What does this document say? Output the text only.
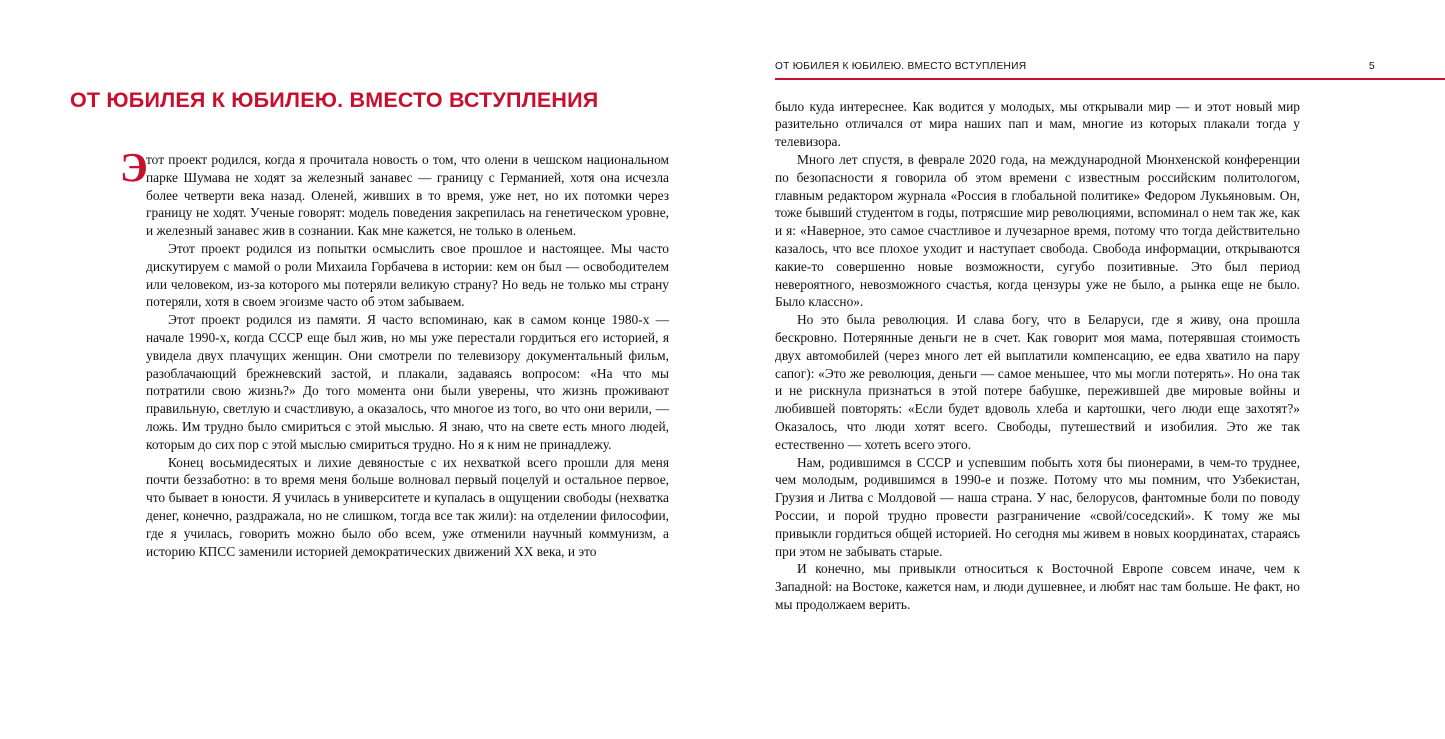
ОТ ЮБИЛЕЯ К ЮБИЛЕЮ. ВМЕСТО ВСТУПЛЕНИЯ
Э

тот проект родился, когда я прочитала новость о том, что олени в чешском национальном парке Шумава не ходят за железный занавес — границу с Германией, хотя она исчезла более четверти века назад. Оленей, живших в то время, уже нет, но их потомки через границу не ходят. Ученые говорят: модель поведения закрепилась на генетическом уровне, и железный занавес жив в сознании. Как мне кажется, не только в оленьем.

Этот проект родился из попытки осмыслить свое прошлое и настоящее. Мы часто дискутируем с мамой о роли Михаила Горбачева в истории: кем он был — освободителем или человеком, из-за которого мы потеряли великую страну? Но ведь не только мы страну потеряли, хотя в своем эгоизме часто об этом забываем.

Этот проект родился из памяти. Я часто вспоминаю, как в самом конце 1980-х — начале 1990-х, когда СССР еще был жив, но мы уже перестали гордиться его историей, я увидела двух плачущих женщин. Они смотрели по телевизору документальный фильм, разоблачающий брежневский застой, и плакали, задаваясь вопросом: «На что мы потратили свою жизнь?» До того момента они были уверены, что жизнь проживают правильную, светлую и счастливую, а оказалось, что многое из того, во что они верили, — ложь. Им трудно было смириться с этой мыслью. Я знаю, что на свете есть много людей, которым до сих пор с этой мыслью смириться трудно. Но я к ним не принадлежу.

Конец восьмидесятых и лихие девяностые с их нехваткой всего прошли для меня почти беззаботно: в то время меня больше волновал первый поцелуй и остальное первое, что бывает в юности. Я училась в университете и купалась в ощущении свободы (нехватка денег, конечно, раздражала, но не слишком, тогда все так жили): на отделении философии, где я училась, говорить можно было обо всем, уже отменили научный коммунизм, а историю КПСС заменили историей демократических движений ХХ века, и это

ОТ ЮБИЛЕЯ К ЮБИЛЕЮ. ВМЕСТО ВСТУПЛЕНИЯ	5

было куда интереснее. Как водится у молодых, мы открывали мир — и этот новый мир разительно отличался от мира наших пап и мам, многие из которых плакали тогда у телевизора.

Много лет спустя, в феврале 2020 года, на международной Мюнхенской конференции по безопасности я говорила об этом времени с известным российским политологом, главным редактором журнала «Россия в глобальной политике» Федором Лукьяновым. Он, тоже бывший студентом в годы, потрясшие мир революциями, вспоминал о нем так же, как и я: «Наверное, это самое счастливое и лучезарное время, потому что тогда действительно казалось, что все плохое уходит и наступает свобода. Свобода информации, открываются какие-то совершенно новые возможности, сугубо позитивные. Это был период невероятного, невозможного счастья, когда цензуры уже не было, а рынка еще не было. Было классно».

Но это была революция. И слава богу, что в Беларуси, где я живу, она прошла бескровно. Потерянные деньги не в счет. Как говорит моя мама, потерявшая стоимость двух автомобилей (через много лет ей выплатили компенсацию, ее едва хватило на пару сапог): «Это же революция, деньги — самое меньшее, что мы могли потерять». Но она так и не рискнула признаться в этой потере бабушке, пережившей две мировые войны и любившей повторять: «Если будет вдоволь хлеба и картошки, чего люди еще захотят?» Оказалось, что люди хотят всего. Свободы, путешествий и изобилия. Это же так естественно — хотеть всего этого.

Нам, родившимся в СССР и успевшим побыть хотя бы пионерами, в чем-то труднее, чем молодым, родившимся в 1990-е и позже. Потому что мы помним, что Узбекистан, Грузия и Литва с Молдовой — наша страна. У нас, белорусов, фантомные боли по поводу России, и порой трудно провести разграничение «свой/соседский». К тому же мы привыкли гордиться общей историей. Но сегодня мы живем в новых координатах, стараясь при этом не забывать старые.

И конечно, мы привыкли относиться к Восточной Европе совсем иначе, чем к Западной: на Востоке, кажется нам, и люди душевнее, и любят нас там больше. Не факт, но мы продолжаем верить.
